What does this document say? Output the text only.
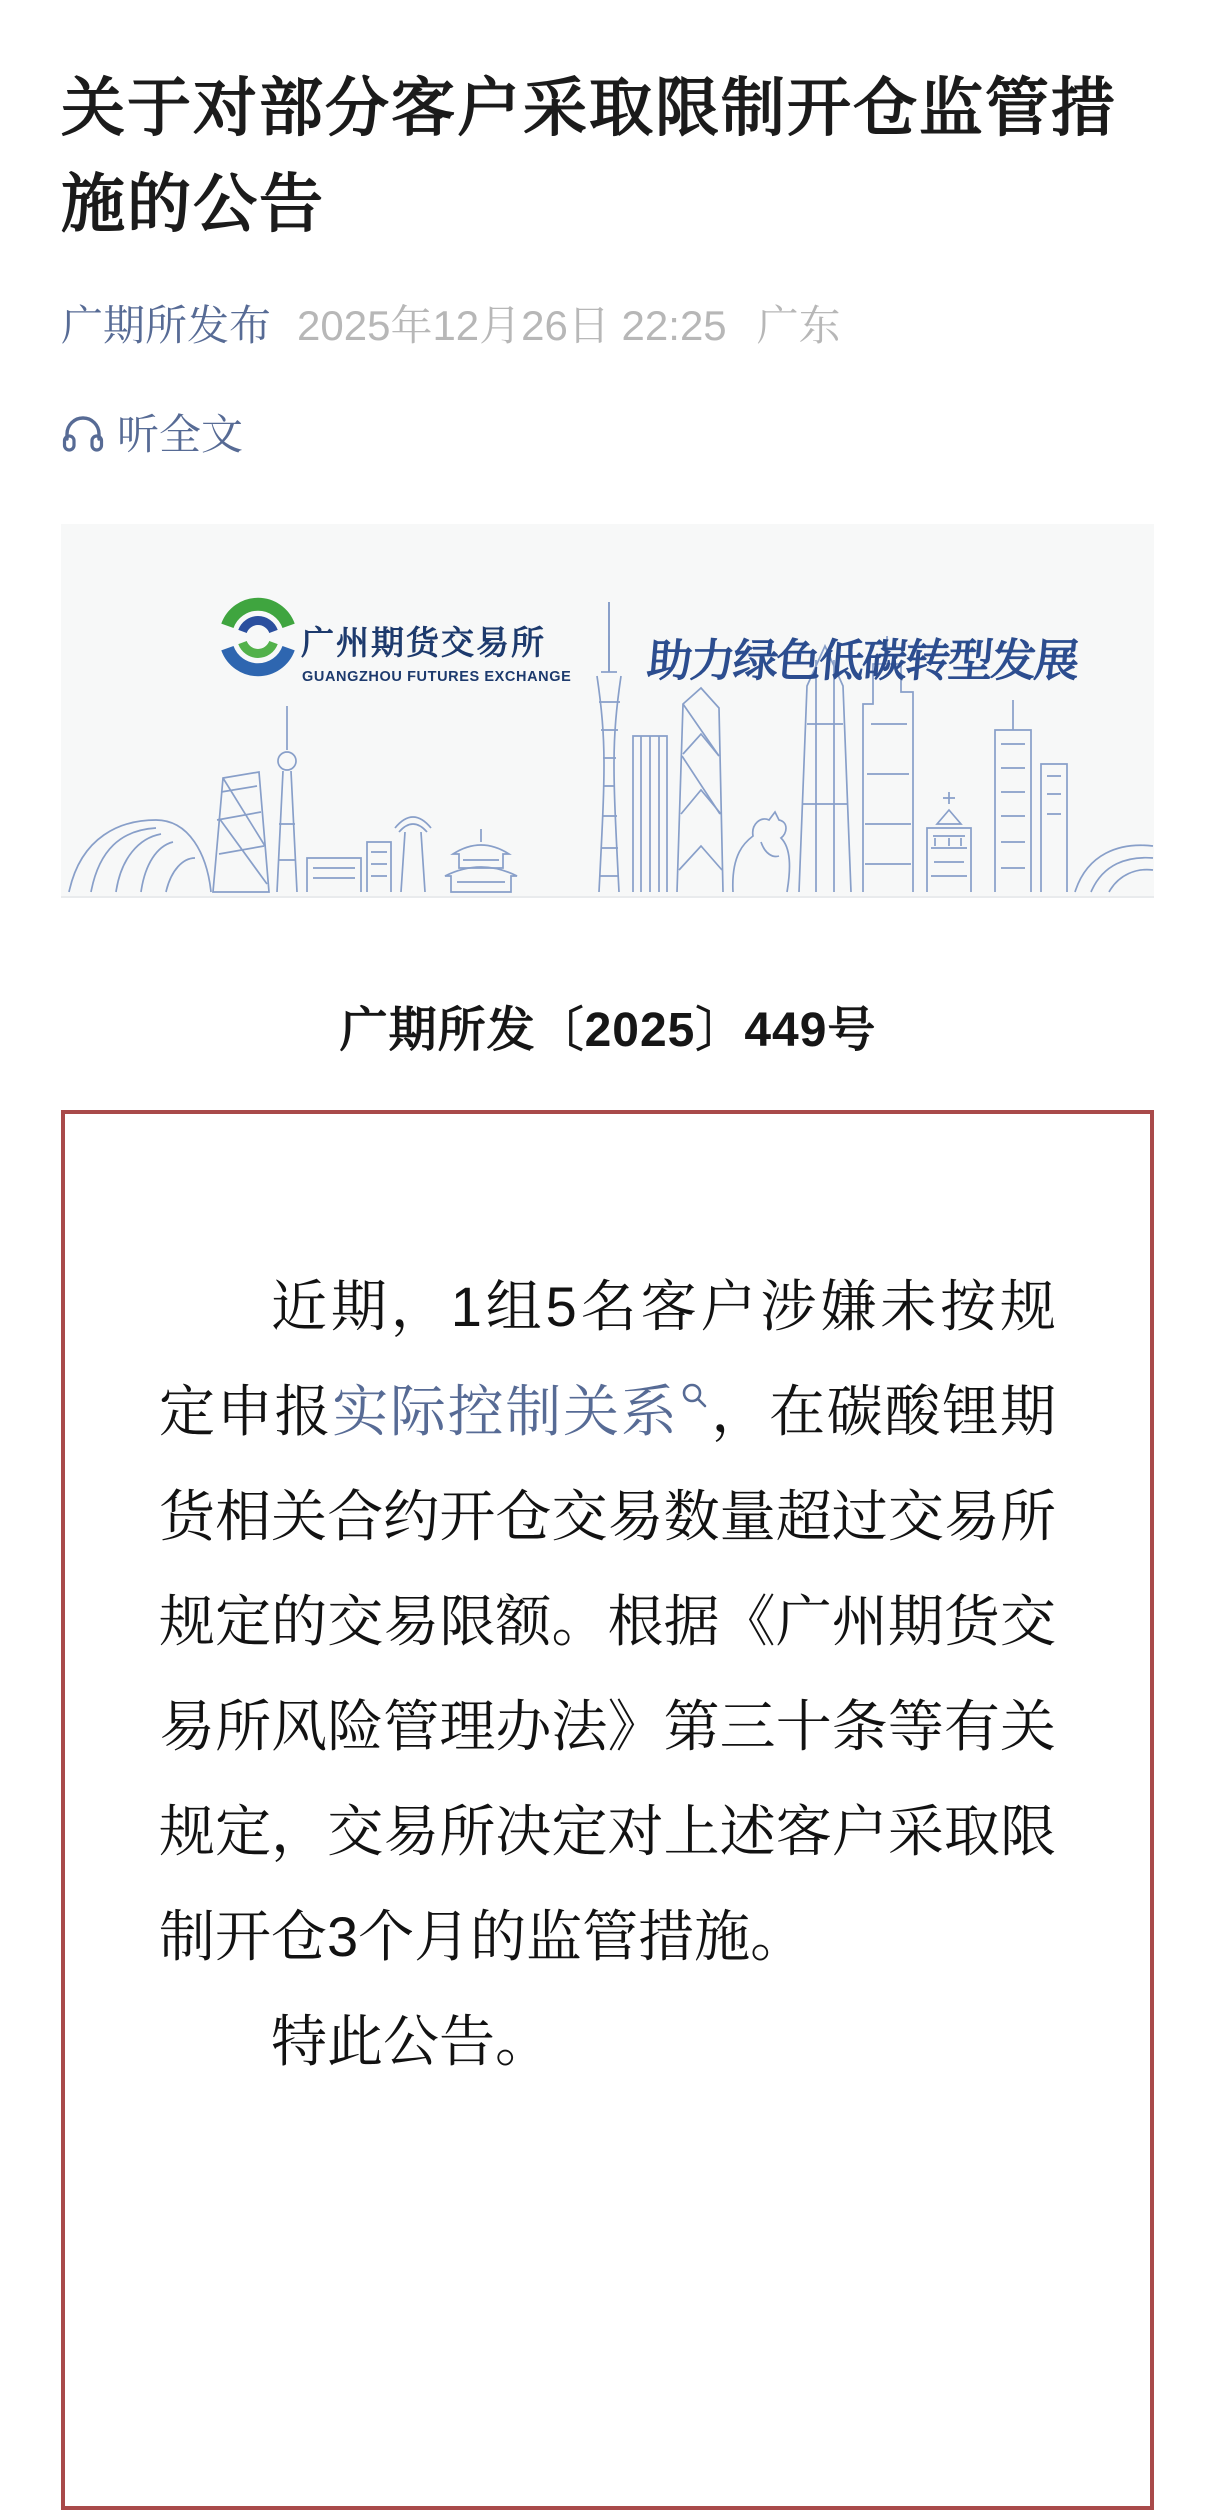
关于对部分客户采取限制开仓监管措施的公告
广期所发布 2025年12月26日 22:25 广东
听全文
广州期货交易所
GUANGZHOU FUTURES EXCHANGE 助力绿色低碳转型发展
广期所发〔2025〕449号

近期，1组5名客户涉嫌未按规定申报实际控制关系 ，在碳酸锂期货相关合约开仓交易数量超过交易所规定的交易限额。根据《广州期货交易所风险管理办法》第三十条等有关规定，交易所决定对上述客户采取限制开仓3个月的监管措施。

特此公告。
